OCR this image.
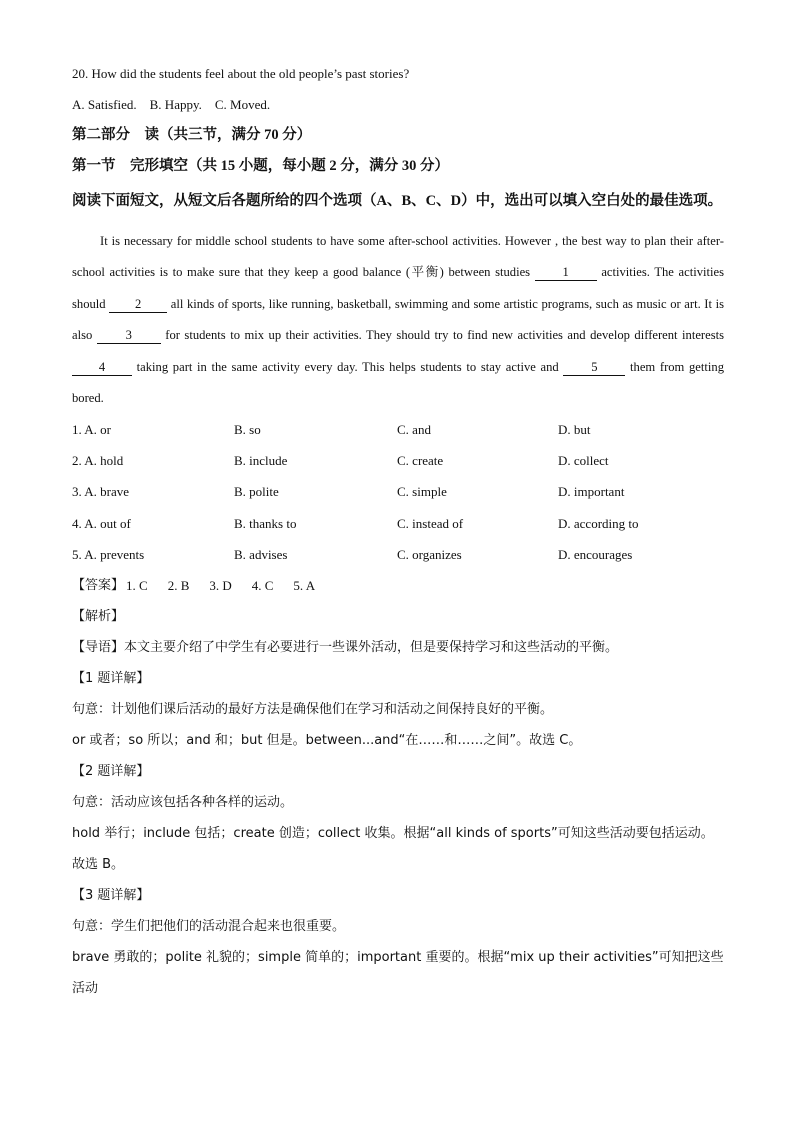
20. How did the students feel about the old people’s past stories?
A. Satisfied.    B. Happy.    C. Moved.
第二部分　读（共三节，满分 70 分）
第一节　完形填空（共 15 小题，每小题 2 分，满分 30 分）
阅读下面短文，从短文后各题所给的四个选项（A、B、C、D）中，选出可以填入空白处的最佳选项。
It is necessary for middle school students to have some after-school activities. However , the best way to plan their after-school activities is to make sure that they keep a good balance (平衡) between studies 1 activities. The activities should 2 all kinds of sports, like running, basketball, swimming and some artistic programs, such as music or art. It is also 3 for students to mix up their activities. They should try to find new activities and develop different interests 4 taking part in the same activity every day. This helps students to stay active and 5 them from getting bored.
1. A. or	B. so	C. and	D. but
2. A. hold	B. include	C. create	D. collect
3. A. brave	B. polite	C. simple	D. important
4. A. out of	B. thanks to	C. instead of	D. according to
5. A. prevents	B. advises	C. organizes	D. encourages
【答案】 1. C 2. B 3. D 4. C 5. A
【解析】
【导语】本文主要介绍了中学生有必要进行一些课外活动，但是要保持学习和这些活动的平衡。
【1 题详解】
句意：计划他们课后活动的最好方法是确保他们在学习和活动之间保持良好的平衡。
or 或者；so 所以；and 和；but 但是。between...and“在……和……之间”。故选 C。
【2 题详解】
句意：活动应该包括各种各样的运动。
hold 举行；include 包括；create 创造；collect 收集。根据“all kinds of sports”可知这些活动要包括运动。故选 B。
【3 题详解】
句意：学生们把他们的活动混合起来也很重要。
brave 勇敢的；polite 礼貌的；simple 简单的；important 重要的。根据“mix up their activities”可知把这些活动
